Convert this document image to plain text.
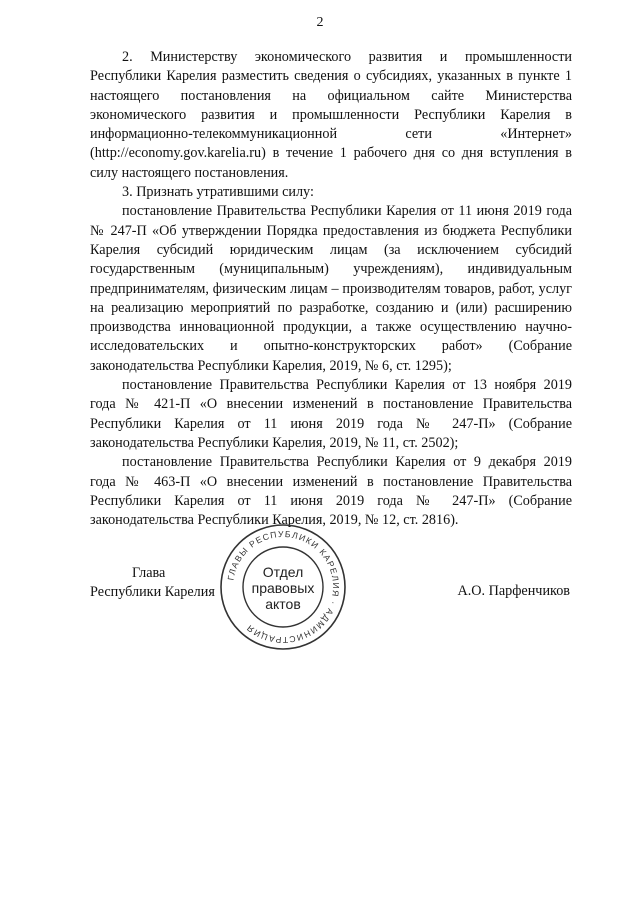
2

2. Министерству экономического развития и промышленности Республики Карелия разместить сведения о субсидиях, указанных в пункте 1 настоящего постановления на официальном сайте Министерства экономического развития и промышленности Республики Карелия в информационно-телекоммуникационной сети «Интернет» (http://economy.gov.karelia.ru) в течение 1 рабочего дня со дня вступления в силу настоящего постановления.

3. Признать утратившими силу:

постановление Правительства Республики Карелия от 11 июня 2019 года № 247-П «Об утверждении Порядка предоставления из бюджета Республики Карелия субсидий юридическим лицам (за исключением субсидий государственным (муниципальным) учреждениям), индивидуальным предпринимателям, физическим лицам – производителям товаров, работ, услуг на реализацию мероприятий по разработке, созданию и (или) расширению производства инновационной продукции, а также осуществлению научно-исследовательских и опытно-конструкторских работ» (Собрание законодательства Республики Карелия, 2019, № 6, ст. 1295);

постановление Правительства Республики Карелия от 13 ноября 2019 года № 421-П «О внесении изменений в постановление Правительства Республики Карелия от 11 июня 2019 года № 247-П» (Собрание законодательства Республики Карелия, 2019, № 11, ст. 2502);

постановление Правительства Республики Карелия от 9 декабря 2019 года № 463-П «О внесении изменений в постановление Правительства Республики Карелия от 11 июня 2019 года № 247-П» (Собрание законодательства Республики Карелия, 2019, № 12, ст. 2816).

Глава
Республики Карелия
ГЛАВЫ РЕСПУБЛИКИ КАРЕЛИЯ · АДМИНИСТРАЦИЯ
Отдел
правовых
актов
А.О. Парфенчиков
